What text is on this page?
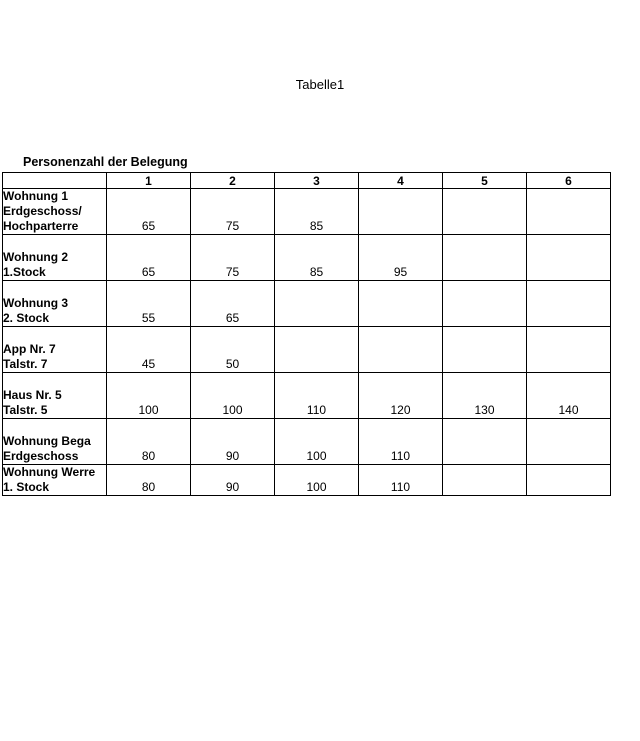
Tabelle1
Personenzahl der Belegung
	1	2	3	4	5	6
Wohnung 1
Erdgeschoss/
Hochparterre	65	75	85			
Wohnung 2
1.Stock	65	75	85	95		
Wohnung 3
2. Stock	55	65				
App Nr. 7
Talstr. 7	45	50				
Haus Nr. 5
Talstr. 5	100	100	110	120	130	140
Wohnung Bega
Erdgeschoss	80	90	100	110		
Wohnung Werre
1. Stock	80	90	100	110		
